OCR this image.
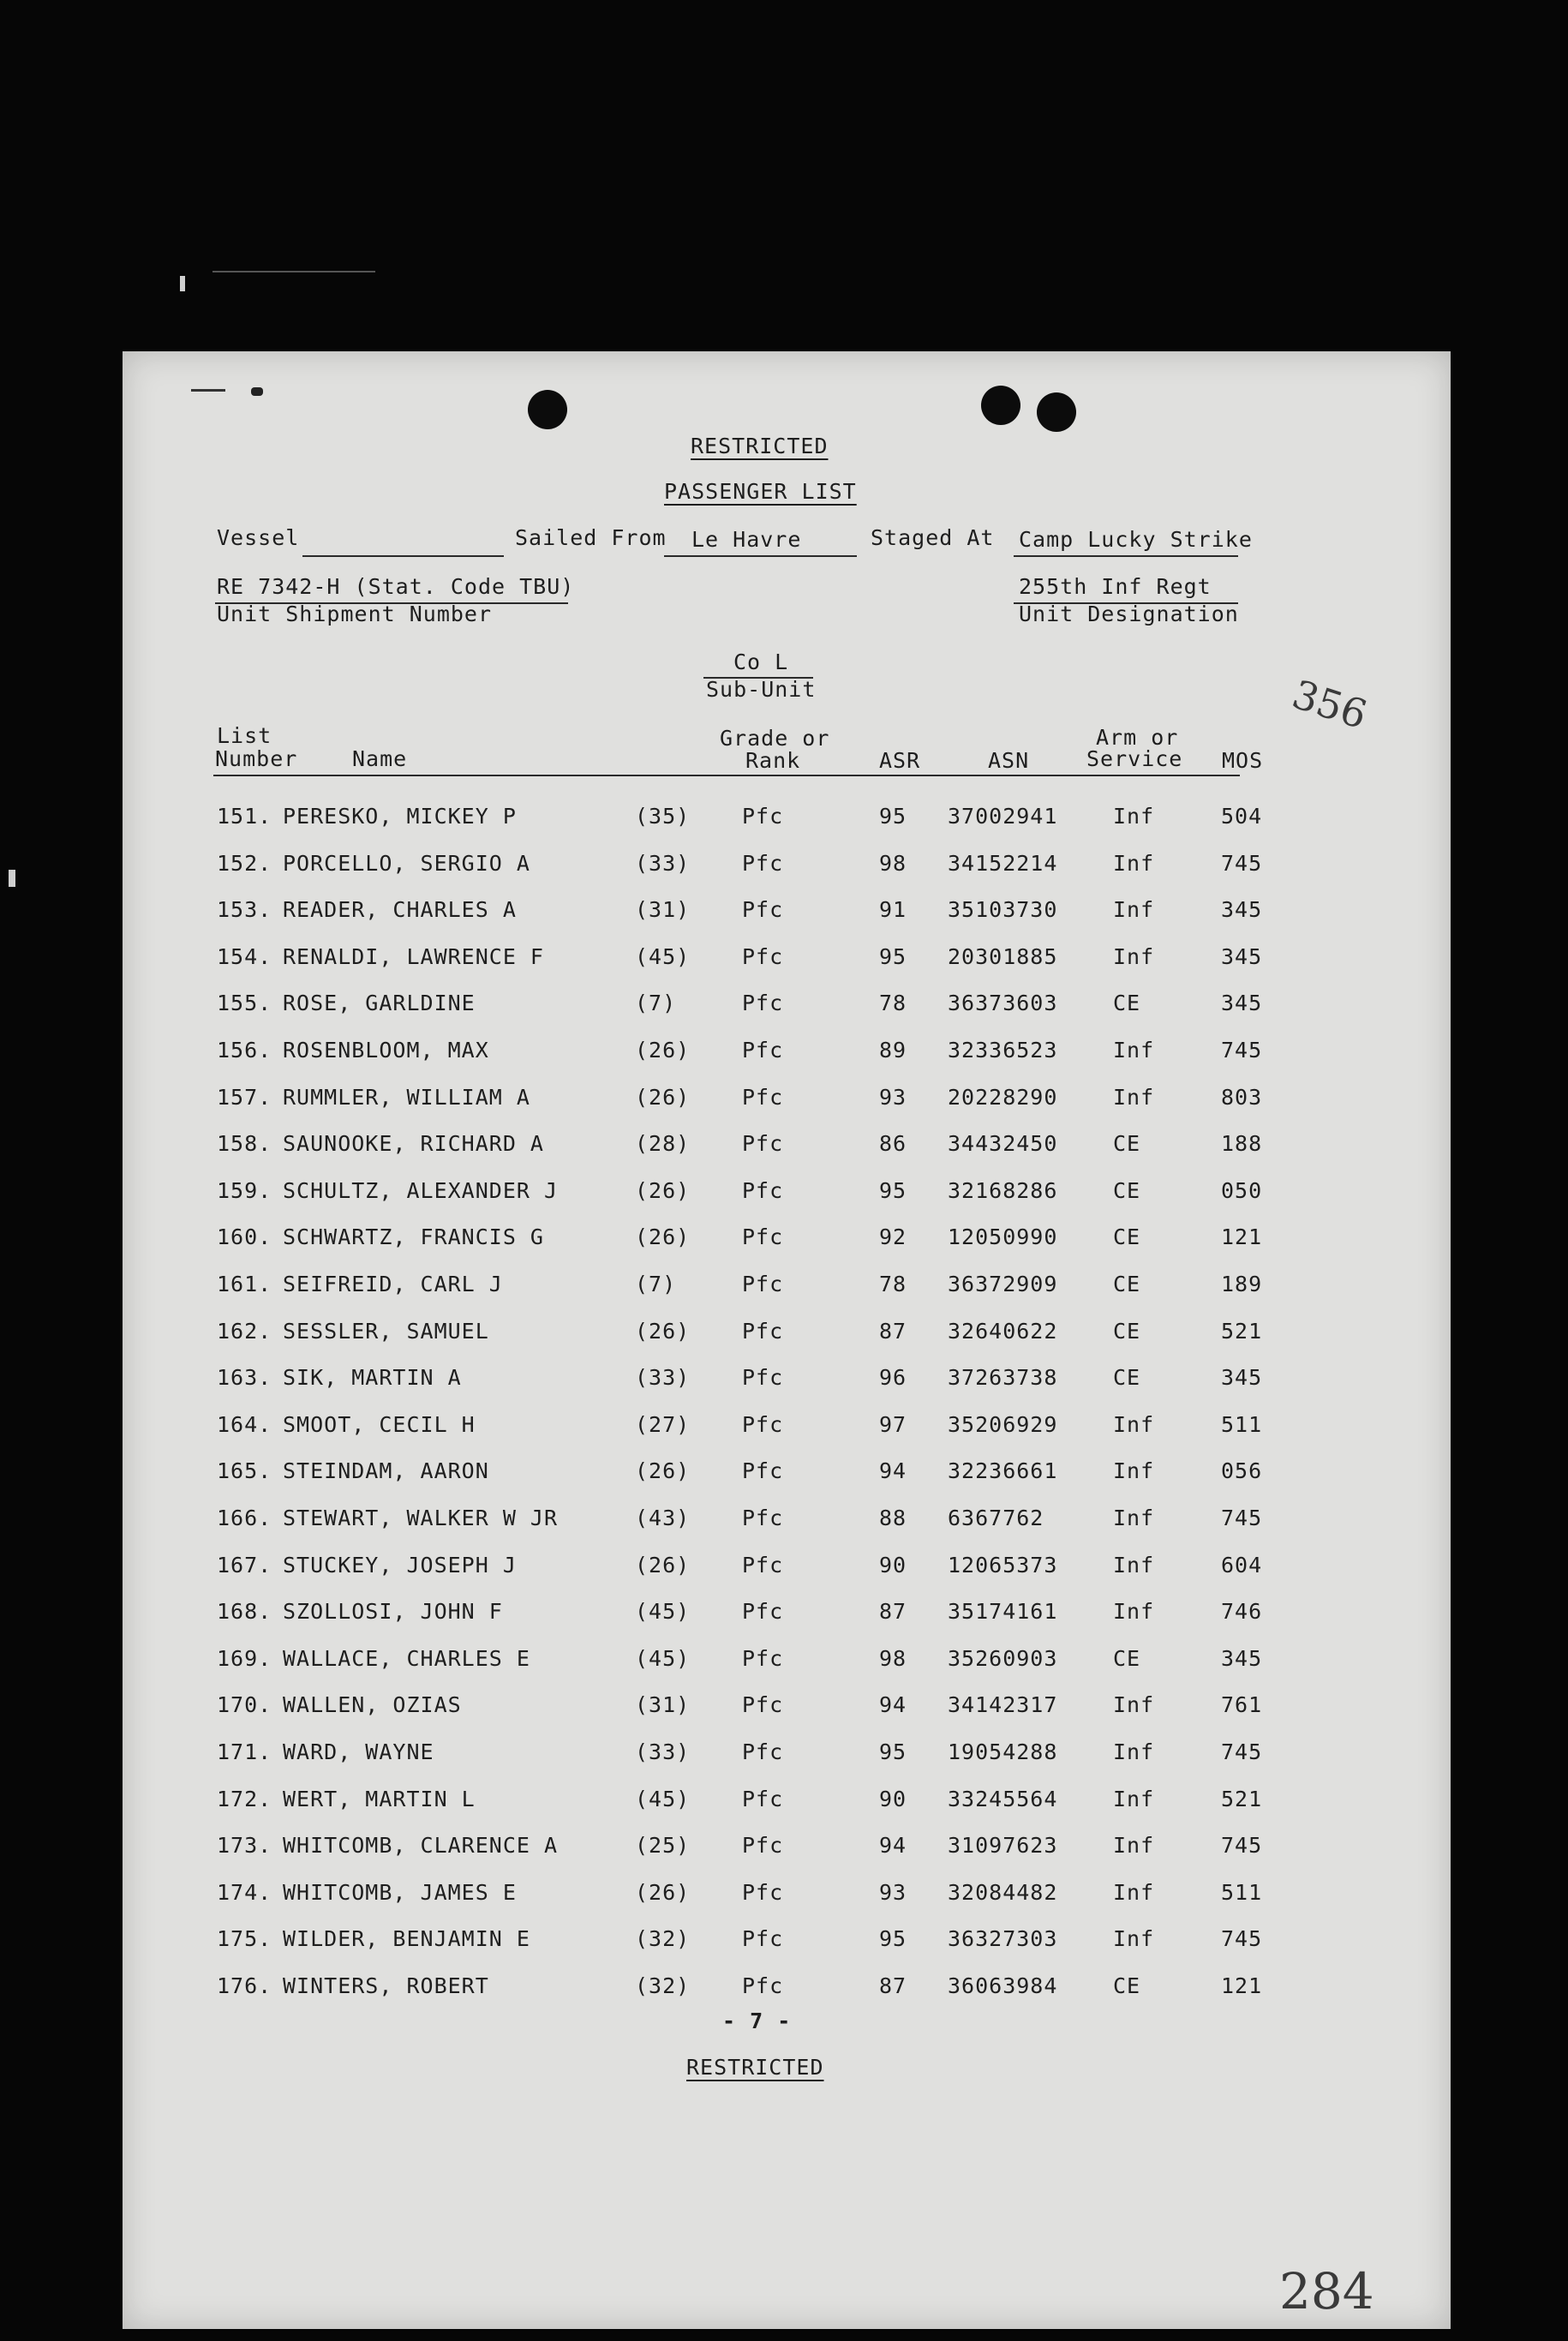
RESTRICTED
PASSENGER LIST
Vessel	Sailed From Le Havre	Staged At Camp Lucky Strike
RE 7342-H (Stat. Code TBU)
Unit Shipment Number
255th Inf Regt
Unit Designation
Co L
Sub-Unit	356
List
Number	Name
Grade or
Rank	ASR	ASN
Arm or
Service MOS
151. PERESKO, MICKEY P	(35) Pfc	95 37002941	Inf	504
152. PORCELLO, SERGIO A	(33) Pfc	98 34152214	Inf	745
153. READER, CHARLES A	(31) Pfc	91 35103730	Inf	345
154. RENALDI, LAWRENCE F	(45) Pfc	95 20301885	Inf	345
155. ROSE, GARLDINE	(7)	Pfc	78 36373603	CE	345
156. ROSENBLOOM, MAX	(26) Pfc	89 32336523	Inf	745
157. RUMMLER, WILLIAM A	(26) Pfc	93 20228290	Inf	803
158. SAUNOOKE, RICHARD A	(28) Pfc	86 34432450	CE	188
159. SCHULTZ, ALEXANDER J	(26) Pfc	95 32168286	CE	050
160. SCHWARTZ, FRANCIS G	(26) Pfc	92 12050990	CE	121
161. SEIFREID, CARL J	(7)	Pfc	78 36372909	CE	189
162. SESSLER, SAMUEL	(26) Pfc	87 32640622	CE	521
163. SIK, MARTIN A	(33) Pfc	96 37263738	CE	345
164. SMOOT, CECIL H	(27) Pfc	97 35206929	Inf	511
165. STEINDAM, AARON	(26) Pfc	94 32236661	Inf	056
166. STEWART, WALKER W JR	(43) Pfc	88 6367762	Inf	745
167. STUCKEY, JOSEPH J	(26) Pfc	90 12065373	Inf	604
168. SZOLLOSI, JOHN F	(45) Pfc	87 35174161	Inf	746
169. WALLACE, CHARLES E	(45) Pfc	98 35260903	CE	345
170. WALLEN, OZIAS	(31) Pfc	94 34142317	Inf	761
171. WARD, WAYNE	(33) Pfc	95 19054288	Inf	745
172. WERT, MARTIN L	(45) Pfc	90 33245564	Inf	521
173. WHITCOMB, CLARENCE A	(25) Pfc	94 31097623	Inf	745
174. WHITCOMB, JAMES E	(26) Pfc	93 32084482	Inf	511
175. WILDER, BENJAMIN E	(32) Pfc	95 36327303	Inf	745
176. WINTERS, ROBERT	(32) Pfc	87 36063984	CE	121
- 7 -
RESTRICTED
284
